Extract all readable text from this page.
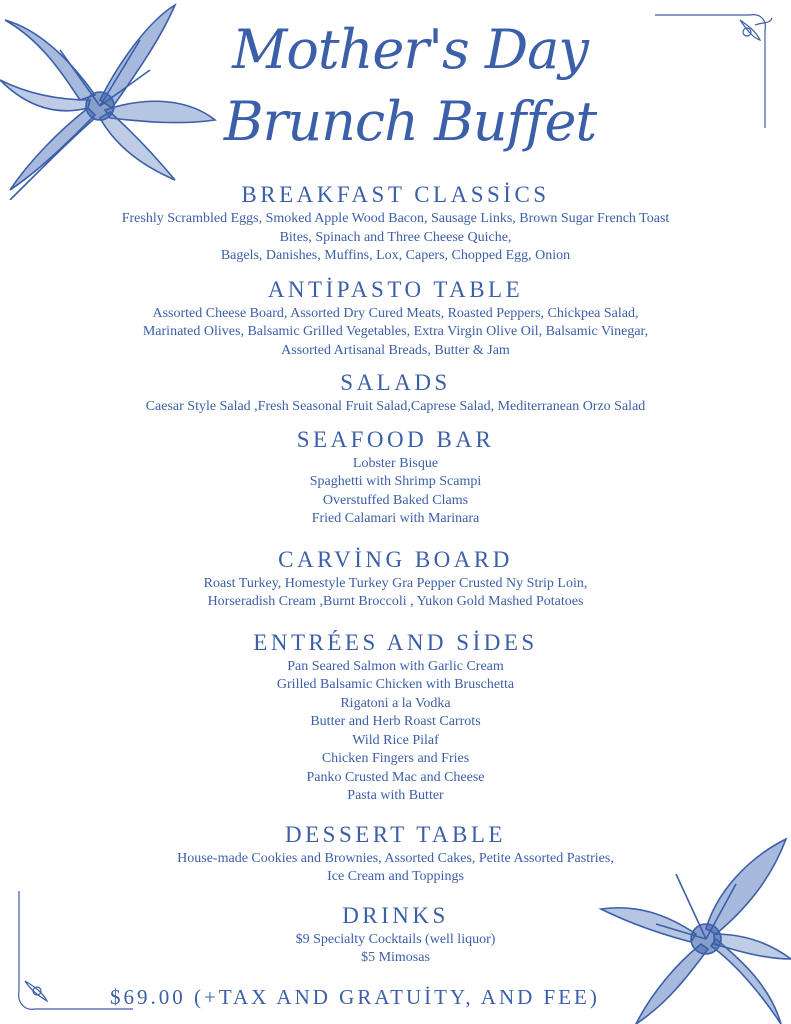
Mother's Day
Brunch Buffet
BREAKFAST CLASSİCS
Freshly Scrambled Eggs, Smoked Apple Wood Bacon, Sausage Links, Brown Sugar French Toast
Bites, Spinach and Three Cheese Quiche,
Bagels, Danishes, Muffins, Lox, Capers, Chopped Egg, Onion
ANTİPASTO TABLE
Assorted Cheese Board, Assorted Dry Cured Meats, Roasted Peppers, Chickpea Salad,
Marinated Olives, Balsamic Grilled Vegetables, Extra Virgin Olive Oil, Balsamic Vinegar,
Assorted Artisanal Breads, Butter & Jam
SALADS
Caesar Style Salad ,Fresh Seasonal Fruit Salad,Caprese Salad, Mediterranean Orzo Salad
SEAFOOD BAR
Lobster Bisque
Spaghetti with Shrimp Scampi
Overstuffed Baked Clams
Fried Calamari with Marinara
CARVİNG BOARD
Roast Turkey, Homestyle Turkey Gra Pepper Crusted Ny Strip Loin,
Horseradish Cream ,Burnt Broccoli , Yukon Gold Mashed Potatoes
ENTRÉES AND SİDES
Pan Seared Salmon with Garlic Cream
Grilled Balsamic Chicken with Bruschetta
Rigatoni a la Vodka
Butter and Herb Roast Carrots
Wild Rice Pilaf
Chicken Fingers and Fries
Panko Crusted Mac and Cheese
Pasta with Butter
DESSERT TABLE
House-made Cookies and Brownies, Assorted Cakes, Petite Assorted Pastries,
Ice Cream and Toppings
DRINKS
$9 Specialty Cocktails (well liquor)
$5 Mimosas
$69.00 (+TAX AND GRATUİTY, AND FEE)
